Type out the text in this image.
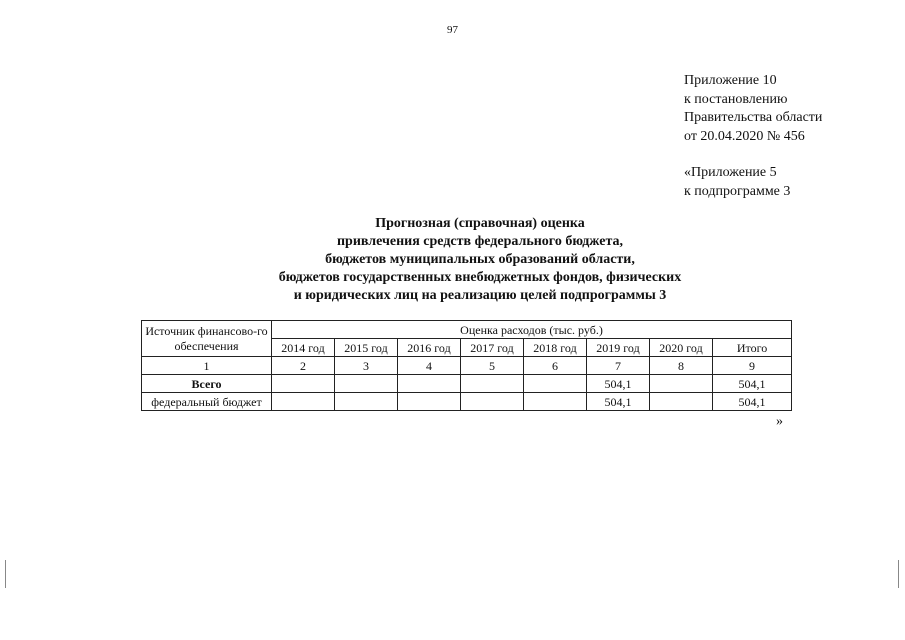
97
Приложение 10
к постановлению
Правительства области
от 20.04.2020 № 456
«Приложение 5
к подпрограмме 3
Прогнозная (справочная) оценка
привлечения средств федерального бюджета,
бюджетов муниципальных образований области,
бюджетов государственных внебюджетных фондов, физических
и юридических лиц на реализацию целей подпрограммы 3
Источник финансово-го обеспечения	Оценка расходов (тыс. руб.)							
	2014 год	2015 год	2016 год	2017 год	2018 год	2019 год	2020 год	Итого
1	2	3	4	5	6	7	8	9
Всего						504,1		504,1
федеральный бюджет						504,1		504,1
»
